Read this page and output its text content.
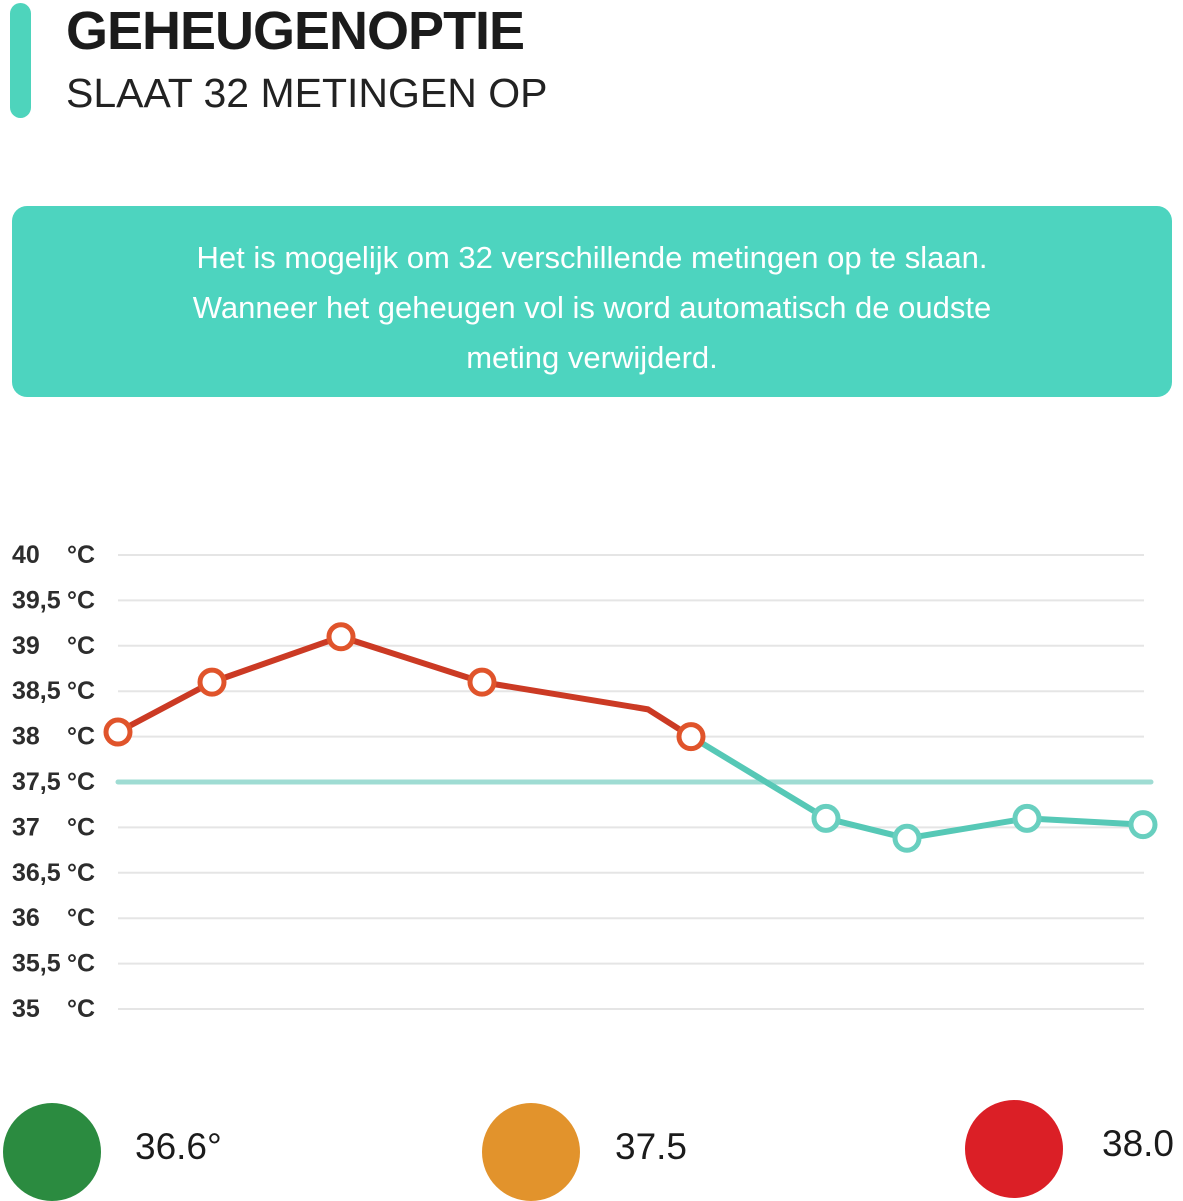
GEHEUGENOPTIE
SLAAT 32 METINGEN OP

Het is mogelijk om 32 verschillende metingen op te slaan.

Wanneer het geheugen vol is word automatisch de oudste

meting verwijderd.

40 °C
39,5 °C
39 °C
38,5 °C
38 °C
37,5 °C
37 °C
36,5 °C
36 °C
35,5 °C
35 °C
36.6°	37.5	38.0
